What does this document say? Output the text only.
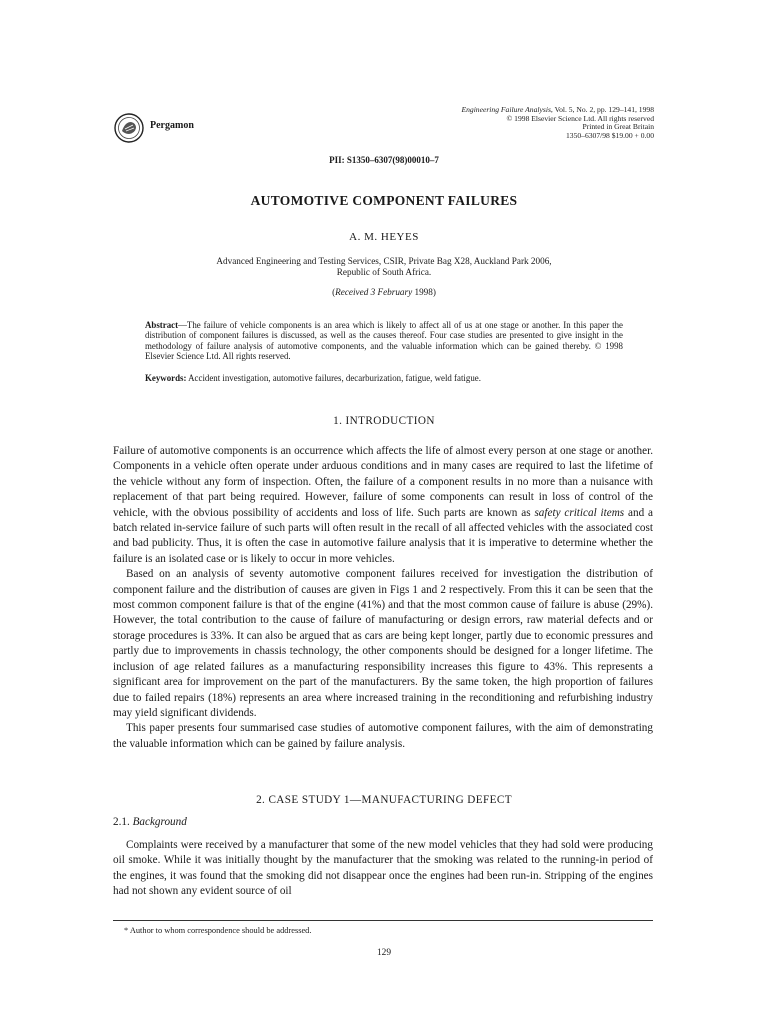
Pergamon
Engineering Failure Analysis, Vol. 5, No. 2, pp. 129–141, 1998
© 1998 Elsevier Science Ltd. All rights reserved
Printed in Great Britain
1350–6307/98 $19.00 + 0.00
PII: S1350–6307(98)00010–7
AUTOMOTIVE COMPONENT FAILURES
A. M. HEYES
Advanced Engineering and Testing Services, CSIR, Private Bag X28, Auckland Park 2006,
Republic of South Africa.
(Received 3 February 1998)
Abstract—The failure of vehicle components is an area which is likely to affect all of us at one stage or another. In this paper the distribution of component failures is discussed, as well as the causes thereof. Four case studies are presented to give insight in the methodology of failure analysis of automotive components, and the valuable information which can be gained thereby. © 1998 Elsevier Science Ltd. All rights reserved.
Keywords: Accident investigation, automotive failures, decarburization, fatigue, weld fatigue.
1. INTRODUCTION

Failure of automotive components is an occurrence which affects the life of almost every person at one stage or another. Components in a vehicle often operate under arduous conditions and in many cases are required to last the lifetime of the vehicle without any form of inspection. Often, the failure of a component results in no more than a nuisance with replacement of that part being required. However, failure of some components can result in loss of control of the vehicle, with the obvious possibility of accidents and loss of life. Such parts are known as safety critical items and a batch related in-service failure of such parts will often result in the recall of all affected vehicles with the associated cost and bad publicity. Thus, it is often the case in automotive failure analysis that it is imperative to determine whether the failure is an isolated case or is likely to occur in more vehicles.

Based on an analysis of seventy automotive component failures received for investigation the distribution of component failure and the distribution of causes are given in Figs 1 and 2 respectively. From this it can be seen that the most common component failure is that of the engine (41%) and that the most common cause of failure is abuse (29%). However, the total contribution to the cause of failure of manufacturing or design errors, raw material defects and or storage procedures is 33%. It can also be argued that as cars are being kept longer, partly due to economic pressures and partly due to improvements in chassis technology, the other components should be designed for a longer lifetime. The inclusion of age related failures as a manufacturing responsibility increases this figure to 43%. This represents a significant area for improvement on the part of the manufacturers. By the same token, the high proportion of failures due to failed repairs (18%) represents an area where increased training in the reconditioning and refurbishing industry may yield significant dividends.

This paper presents four summarised case studies of automotive component failures, with the aim of demonstrating the valuable information which can be gained by failure analysis.

2. CASE STUDY 1—MANUFACTURING DEFECT
2.1. Background

Complaints were received by a manufacturer that some of the new model vehicles that they had sold were producing oil smoke. While it was initially thought by the manufacturer that the smoking was related to the running-in period of the engines, it was found that the smoking did not disappear once the engines had been run-in. Stripping of the engines had not shown any evident source of oil

* Author to whom correspondence should be addressed.
129
